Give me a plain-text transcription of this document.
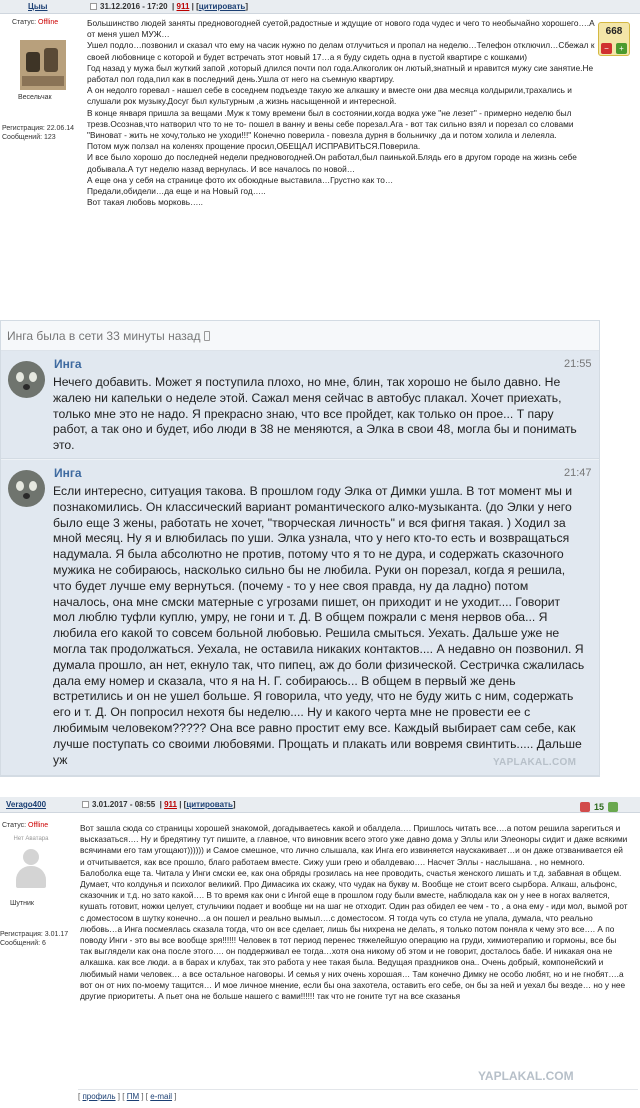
Цыы	31.12.2016 - 17:20  | 911 | [цитировать]
Статус: Offline
Весельчак
Регистрация: 22.06.14
Сообщений: 123
Большинство людей заняты предновогодней суетой,радостные и ждущие от нового года чудес и чего то необычайно хорошего….А от меня ушел МУЖ…
Ушел подло…позвонил и сказал что ему на часик нужно по делам отлучиться и пропал на неделю…Телефон отключил…Сбежал к своей любовнице с которой и будет встречать этот новый 17…а я буду сидеть одна в пустой квартире с кошками)
Год назад у мужа был жуткий запой ,который длился почти пол года.Алкоголик он лютый,знатный и нравится мужу сие занятие.Не работал пол года,пил как в последний день.Ушла от него на съемную квартиру.
А он недолго горевал - нашел себе в соседнем подъезде такую же алкашку и вместе они два месяца колдырили,трахались и слушали рок музыку.Досуг был культурным ,а жизнь насыщенной и интересной.
В конце января пришла за вещами .Муж к тому времени был в состоянии,когда водка уже "не лезет" - примерно неделю был трезв.Осознав,что натворил что то не то- пошел в ванну и вены себе порезал.Ага - вот так сильно взял и порезал со словами "Виноват - жить не хочу,только не уходи!!!" Конечно поверила - повезла дурня в больничку ,да и потом холила и лелеяла.
Потом муж ползал на коленях прощение просил,ОБЕЩАЛ ИСПРАВИТЬСЯ.Поверила.
И все было хорошо до последней недели предновогодней.Он работал,был паинькой.Блядь его в другом городе на жизнь себе добывала.А тут неделю назад вернулась. И все началось по новой…
А еще она у себя на странице фото их обоюдные выставила…Грустно как то…
Предали,обидели…да еще и на Новый год…..
Вот такая любовь морковь…..
668
−	+
Инга была в сети 33 минуты назад
Инга	21:55
Нечего добавить. Может я поступила плохо, но мне, блин, так хорошо не было давно. Не жалею ни капельки о неделе этой. Сажал меня сейчас в автобус плакал. Хочет приехать, только мне это не надо. Я прекрасно знаю, что все пройдет, как только он прое... Т пару работ, а так оно и будет, ибо люди в 38 не меняются, а Элка в свои 48, могла бы и понимать это.
Инга	21:47
Если интересно, ситуация такова. В прошлом году Элка от Димки ушла. В тот момент мы и познакомились. Он классический вариант романтического алко-музыканта. (до Элки у него было еще 3 жены, работать не хочет, "творческая личность" и вся фигня такая. ) Ходил за мной месяц. Ну я и влюбилась по уши. Элка узнала, что у него кто-то есть и возвращаться надумала. Я была абсолютно не против, потому что я то не дура, и содержать сказочного мужика не собираюсь, насколько сильно бы не любила. Руки он порезал, когда я решила, что будет лучше ему вернуться. (почему - то у нее своя правда, ну да ладно) потом началось, она мне смски матерные с угрозами пишет, он приходит и не уходит.... Говорит мол люблю туфли куплю, умру, не гони и т. Д. В общем пожрали с меня нервов оба... Я любила его какой то совсем больной любовью. Решила смыться. Уехать. Дальше уже не могла так продолжаться. Уехала, не оставила никаких контактов.... А недавно он позвонил. Я думала прошло, ан нет, екнуло так, что пипец, аж до боли физической. Сестричка сжалилась дала ему номер и сказала, что я на Н. Г. собираюсь... В общем в первый же день встретились и он не ушел больше. Я говорила, что уеду, что не буду жить с ним, содержать его и т. Д. Он попросил нехотя бы неделю.... Ну и какого черта мне не провести ее с любимым человеком????? Она все равно простит ему все. Каждый выбирает сам себе, как лучше поступать со своими любовями. Прощать и плакать или вовремя свинтить..... Дальше уж	YAPLAKAL.COM
Verago400	3.01.2017 - 08:55  | 911 | [цитировать]	15
Статус: Offline
Нет Аватара
Шутник
Регистрация: 3.01.17
Сообщений: 6
Вот зашла сюда со страницы хорошей знакомой, догадываетесь какой и обалдела…. Пришлось читать все….а потом решила зарегиться и высказаться…. Ну и бредятину тут пишите, а главное, что виновник всего этого уже давно дома у Эллы или Элеоноры сидит и даже всякими всячинами его там угощают)))))) и Самое смешное, что лично слышала, как Инга его извиняется наускакивает…и он даже отзванивается ей и отчитывается, как все прошло, благо работаем вместе. Сижу уши грею и обалдеваю…. Насчет Эллы - наслышана. , но немного. Балоболка еще та. Читала у Инги смски ее, как она обряды грозилась на нее проводить, счастья женского лишать и т.д. забавная в общем. Думает, что колдунья и психолог великий. Про Димасика их скажу, что чудак на букву м. Вообще не стоит всего сырбора. Алкаш, альфонс, сказочник и т.д. но зато какой…. В то время как они с Ингой еще в прошлом году были вместе, наблюдала как он у нее в ногах валяется, кушать готовит, ножки целует, стульчики подает и вообще ни на шаг не отходит. Один раз обидел ее чем - то , а она ему - иди мол, вымой рот с доместосом в шутку конечно…а он пошел и реально вымыл….с доместосом. Я тогда чуть со стула не упала, думала, что реально любовь…а Инга посмеялась сказала тогда, что он все сделает, лишь бы нихрена не делать, я только потом поняла к чему это все…. А по поводу Инги - это вы все вообще зря!!!!!! Человек в тот период перенес тяжелейшую операцию на груди, химиотерапию и гормоны, все бы так выглядели как она после этого…. он поддерживал ее тогда…хотя она никому об этом и не говорит, досталось бабе. И никакая она не алкашка. как все люди. а в барах и клубах, так это работа у нее такая была. Ведущая праздников она.. Очень добрый, компонейский и любимый нами человек… а все остальное наговоры. И семья у них очень хорошая… Там конечно Димку не особо любят, но и не гнобят….а вот он от них по-моему тащится… И мое личное мнение, если бы она захотела, оставить его себе, он бы за ней и уехал бы везде… но у нее другие приоритеты. А пьет она не больше нашего с вами!!!!!! так что не гоните тут на все сказанья
YAPLAKAL.COM
[ профиль ] [ ПМ ] [ e-mail ]
